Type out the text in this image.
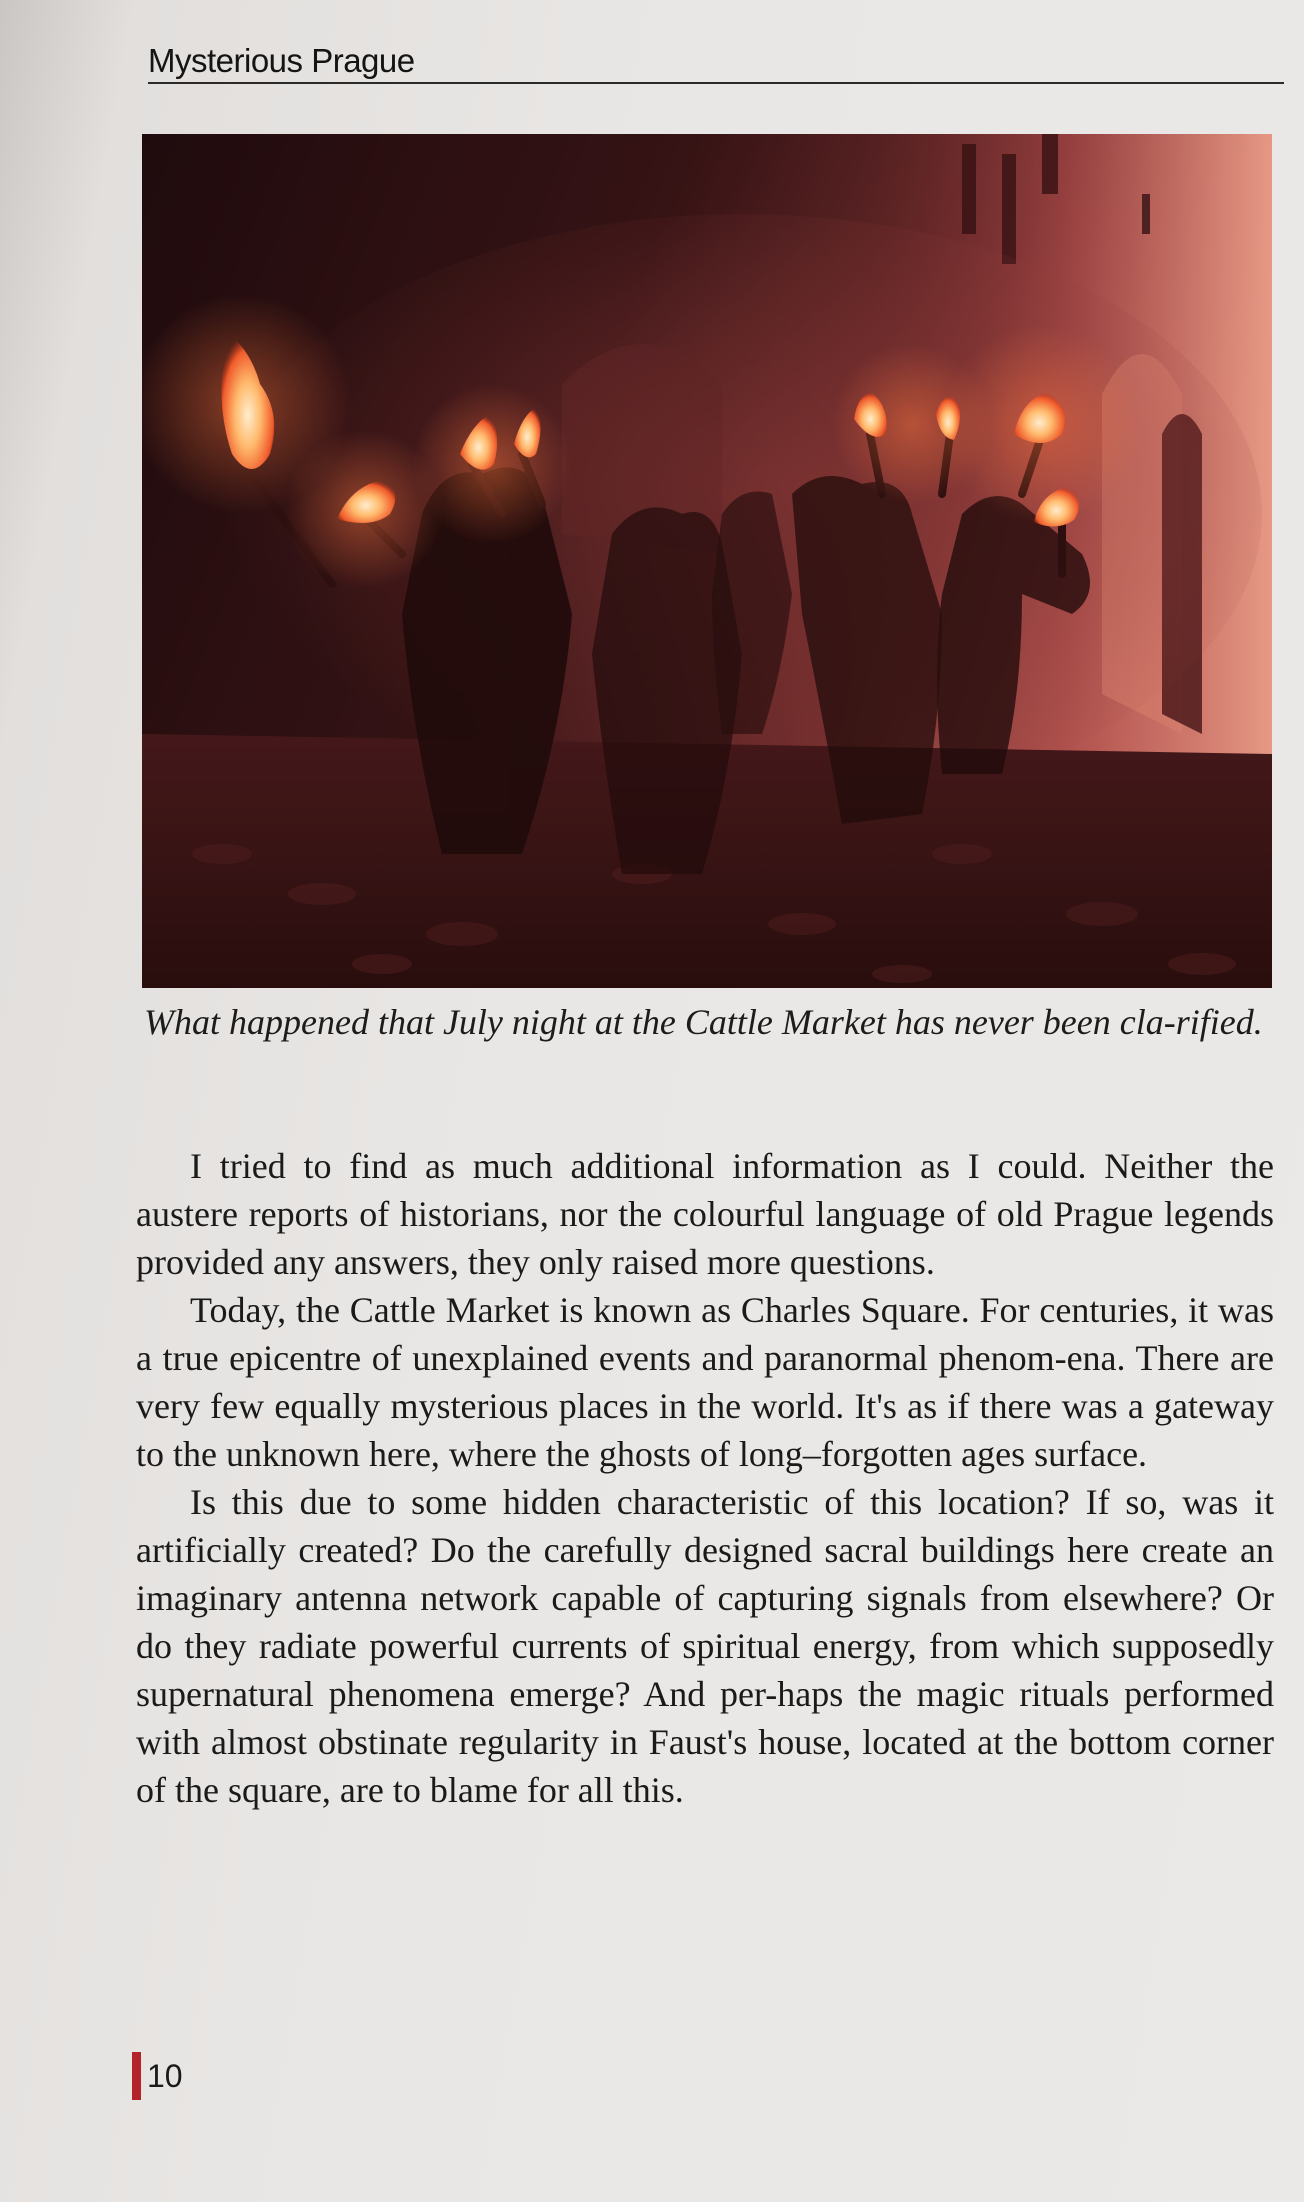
Mysterious Prague

What happened that July night at the Cattle Market has never been cla-rified.

I tried to find as much additional information as I could. Neither the austere reports of historians, nor the colourful language of old Prague legends provided any answers, they only raised more questions.

Today, the Cattle Market is known as Charles Square. For centuries, it was a true epicentre of unexplained events and paranormal phenom-ena. There are very few equally mysterious places in the world. It's as if there was a gateway to the unknown here, where the ghosts of long–forgotten ages surface.

Is this due to some hidden characteristic of this location? If so, was it artificially created? Do the carefully designed sacral buildings here create an imaginary antenna network capable of capturing signals from elsewhere? Or do they radiate powerful currents of spiritual energy, from which supposedly supernatural phenomena emerge? And per-haps the magic rituals performed with almost obstinate regularity in Faust's house, located at the bottom corner of the square, are to blame for all this.

10
